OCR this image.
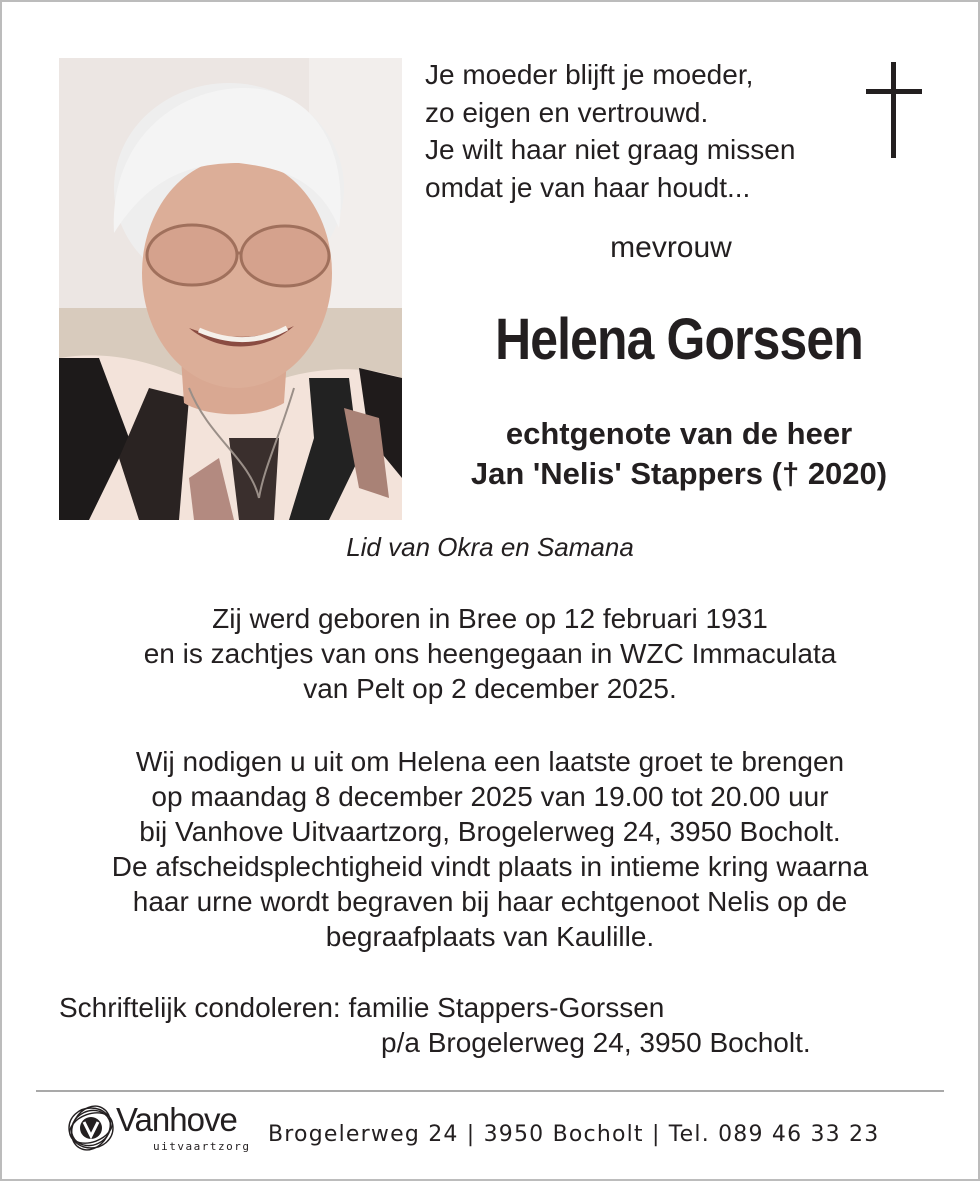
Je moeder blijft je moeder,
zo eigen en vertrouwd.
Je wilt haar niet graag missen
omdat je van haar houdt...
mevrouw
Helena Gorssen
echtgenote van de heer
Jan 'Nelis' Stappers († 2020)
Lid van Okra en Samana
Zij werd geboren in Bree op 12 februari 1931
en is zachtjes van ons heengegaan in WZC Immaculata
van Pelt op 2 december 2025.
Wij nodigen u uit om Helena een laatste groet te brengen
op maandag 8 december 2025 van 19.00 tot 20.00 uur
bij Vanhove Uitvaartzorg, Brogelerweg 24, 3950 Bocholt.
De afscheidsplechtigheid vindt plaats in intieme kring waarna
haar urne wordt begraven bij haar echtgenoot Nelis op de
begraafplaats van Kaulille.
Schriftelijk condoleren: familie Stappers-Gorssen
p/a Brogelerweg 24, 3950 Bocholt.
Vanhove
uitvaartzorg Brogelerweg 24 | 3950 Bocholt | Tel. 089 46 33 23
